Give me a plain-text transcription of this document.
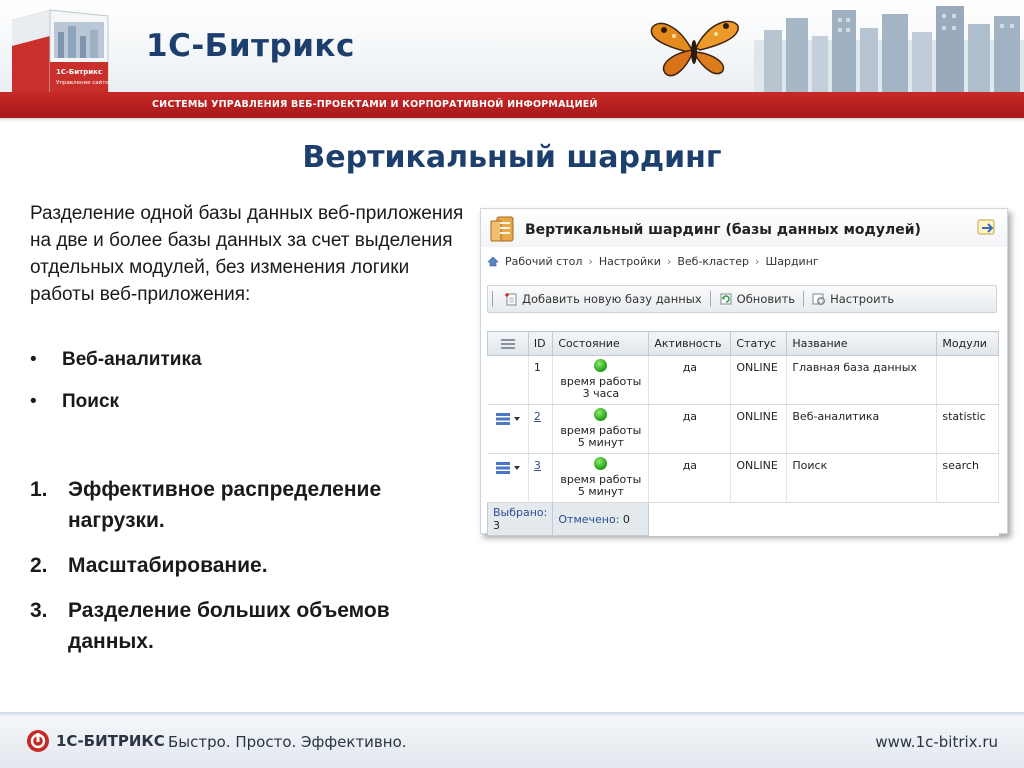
1С-Битрикс
Управление сайтом
1С-Битрикс
СИСТЕМЫ УПРАВЛЕНИЯ ВЕБ-ПРОЕКТАМИ И КОРПОРАТИВНОЙ ИНФОРМАЦИЕЙ
Вертикальный шардинг
Разделение одной базы данных веб-приложения на две и более базы данных за счет выделения отдельных модулей, без изменения логики работы веб-приложения:
• Веб-аналитика
• Поиск
1. Эффективное распределение нагрузки.
2. Масштабирование.
3. Разделение больших объемов данных.
Вертикальный шардинг (базы данных модулей)
Рабочий стол › Настройки › Веб-кластер › Шардинг
Добавить новую базу данных	Обновить	Настроить
	ID	Состояние	Активность	Статус	Название	Модули
	1	время работы
3 часа	да	ONLINE	Главная база данных	

	2	время работы
5 минут	да	ONLINE	Веб-аналитика	statistic

	3	время работы
5 минут	да	ONLINE	Поиск	search
Выбрано: 3		Отмечено: 0				
1С-БИТРИКС Быстро. Просто. Эффективно.	www.1c-bitrix.ru
